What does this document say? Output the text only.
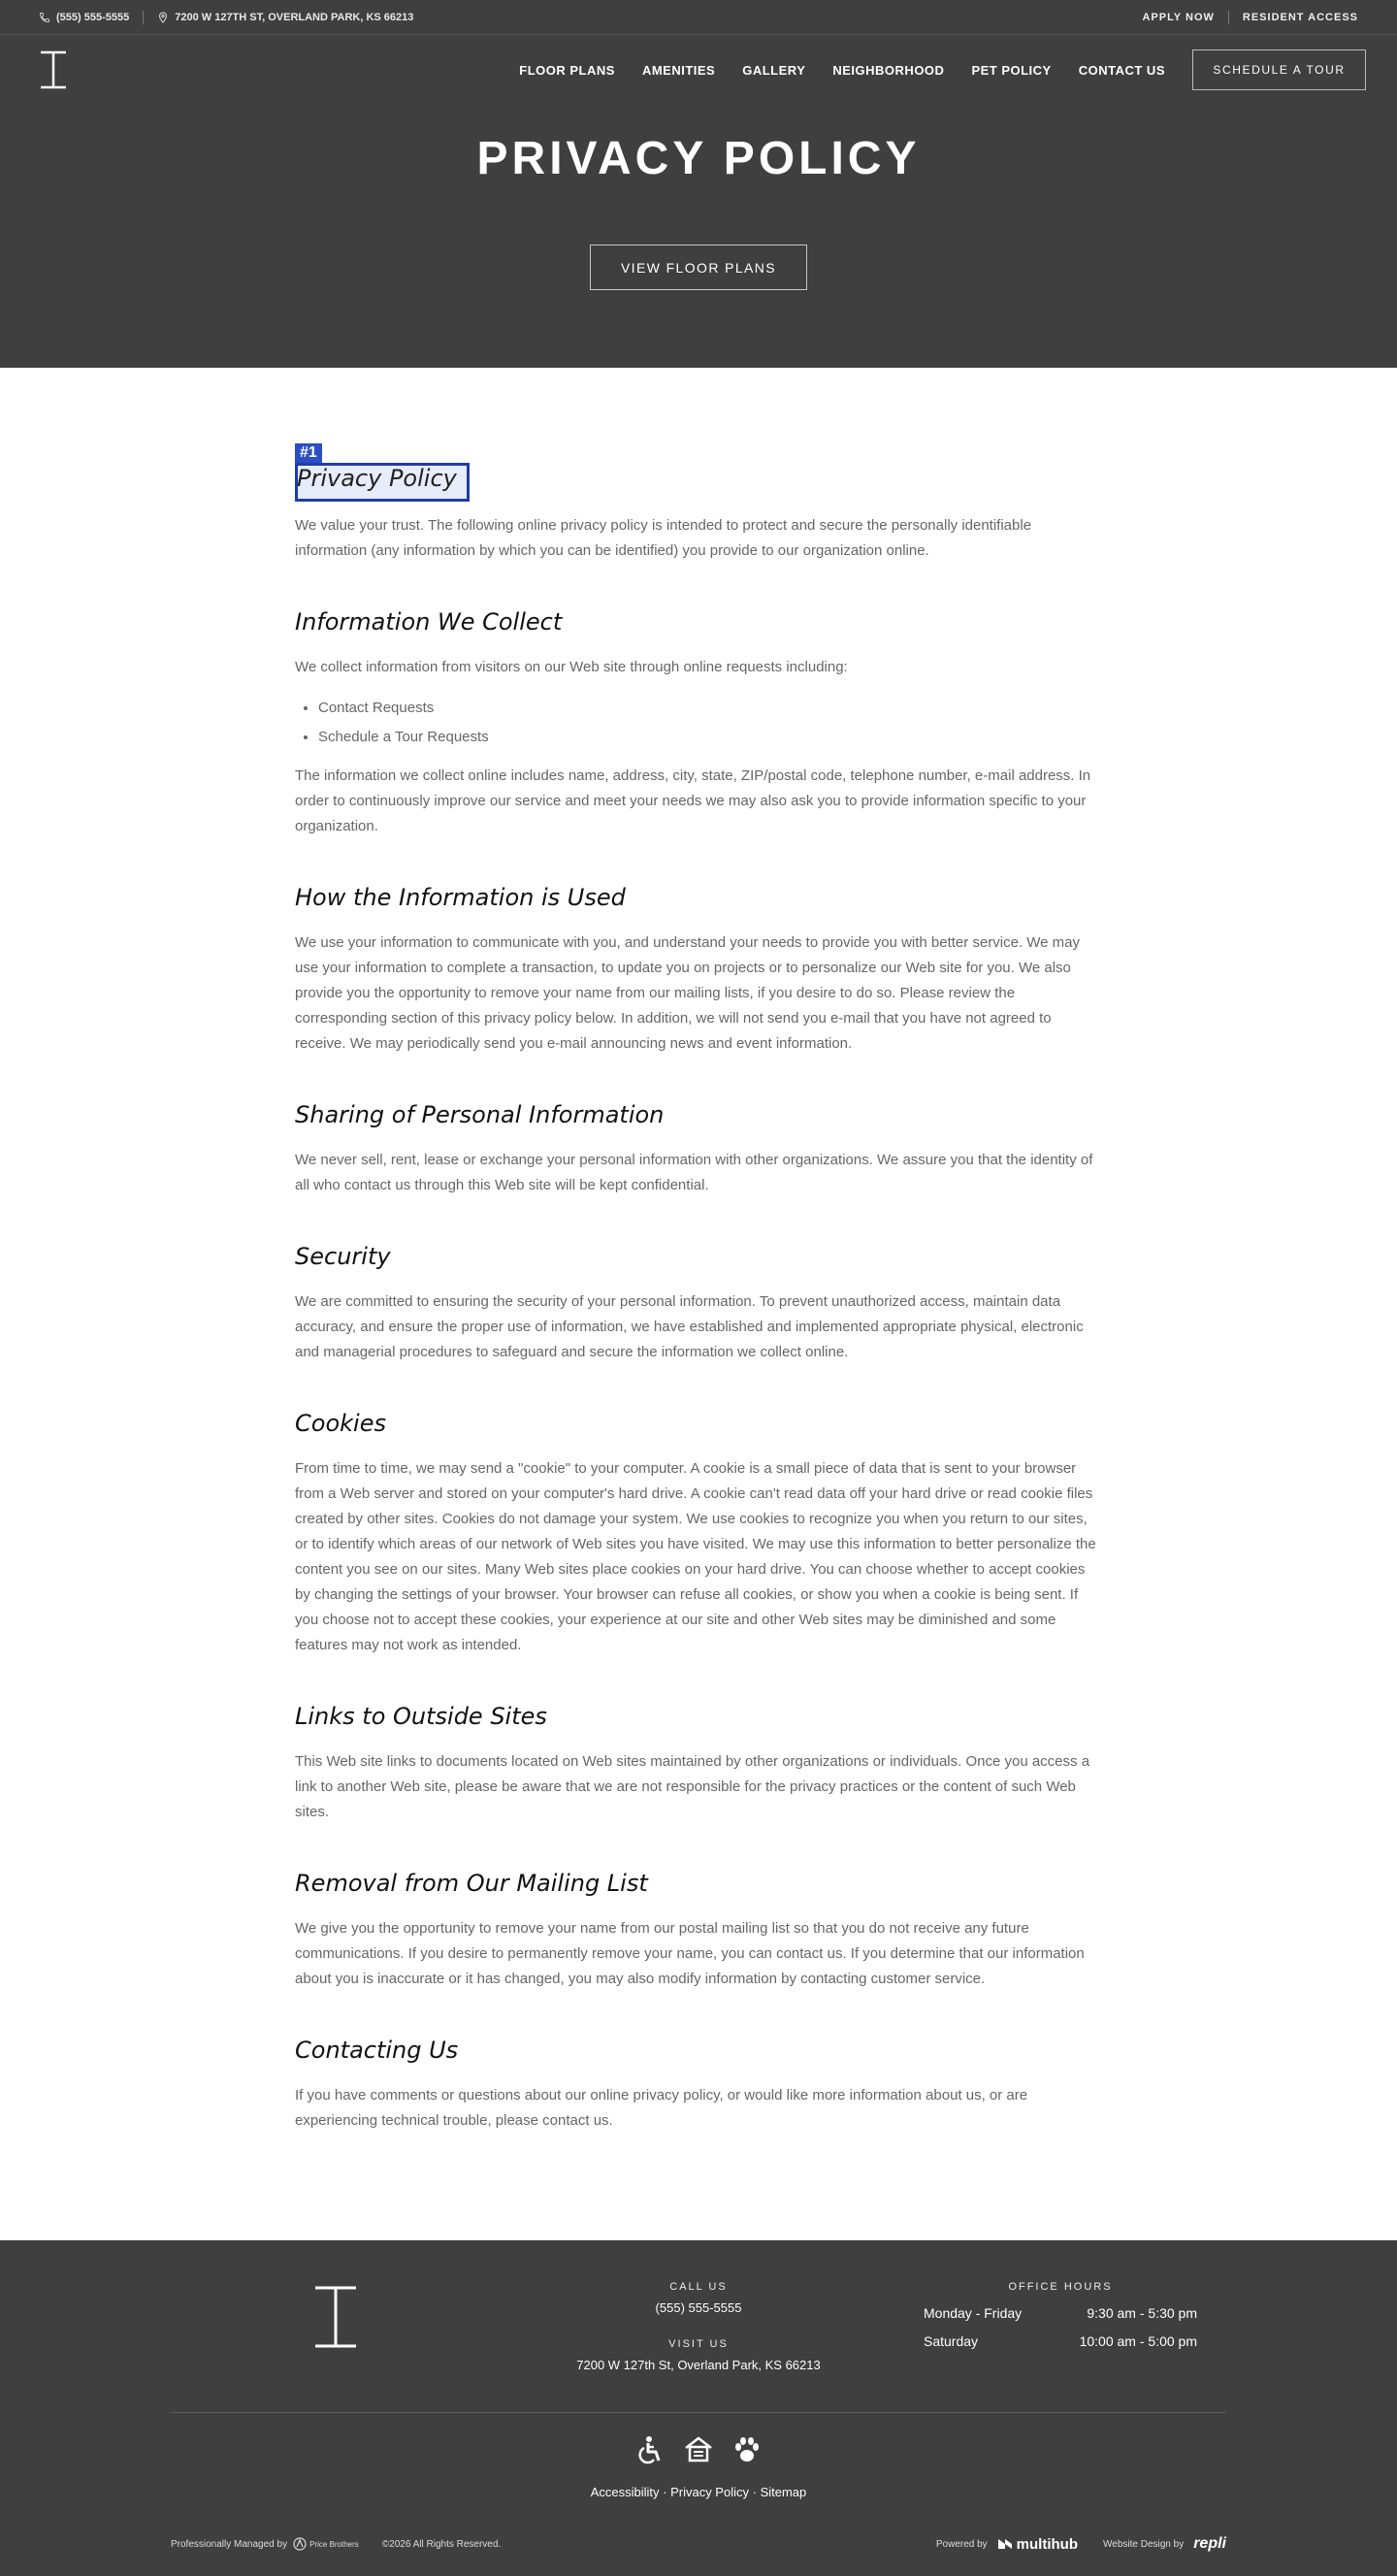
(555) 555-5555	7200 W 127TH ST, OVERLAND PARK, KS 66213	APPLY NOW	RESIDENT ACCESS
FLOOR PLANS AMENITIES GALLERY NEIGHBORHOOD PET POLICY CONTACT US	SCHEDULE A TOUR
PRIVACY POLICY
VIEW FLOOR PLANS
#1
Privacy Policy

We value your trust. The following online privacy policy is intended to protect and secure the personally identifiable information (any information by which you can be identified) you provide to our organization online.

Information We Collect

We collect information from visitors on our Web site through online requests including:

• Contact Requests
• Schedule a Tour Requests

The information we collect online includes name, address, city, state, ZIP/postal code, telephone number, e-mail address. In order to continuously improve our service and meet your needs we may also ask you to provide information specific to your organization.

How the Information is Used

We use your information to communicate with you, and understand your needs to provide you with better service. We may use your information to complete a transaction, to update you on projects or to personalize our Web site for you. We also provide you the opportunity to remove your name from our mailing lists, if you desire to do so. Please review the corresponding section of this privacy policy below. In addition, we will not send you e-mail that you have not agreed to receive. We may periodically send you e-mail announcing news and event information.

Sharing of Personal Information

We never sell, rent, lease or exchange your personal information with other organizations. We assure you that the identity of all who contact us through this Web site will be kept confidential.

Security

We are committed to ensuring the security of your personal information. To prevent unauthorized access, maintain data accuracy, and ensure the proper use of information, we have established and implemented appropriate physical, electronic and managerial procedures to safeguard and secure the information we collect online.

Cookies

From time to time, we may send a "cookie" to your computer. A cookie is a small piece of data that is sent to your browser from a Web server and stored on your computer's hard drive. A cookie can't read data off your hard drive or read cookie files created by other sites. Cookies do not damage your system. We use cookies to recognize you when you return to our sites, or to identify which areas of our network of Web sites you have visited. We may use this information to better personalize the content you see on our sites. Many Web sites place cookies on your hard drive. You can choose whether to accept cookies by changing the settings of your browser. Your browser can refuse all cookies, or show you when a cookie is being sent. If you choose not to accept these cookies, your experience at our site and other Web sites may be diminished and some features may not work as intended.

Links to Outside Sites

This Web site links to documents located on Web sites maintained by other organizations or individuals. Once you access a link to another Web site, please be aware that we are not responsible for the privacy practices or the content of such Web sites.

Removal from Our Mailing List

We give you the opportunity to remove your name from our postal mailing list so that you do not receive any future communications. If you desire to permanently remove your name, you can contact us. If you determine that our information about you is inaccurate or it has changed, you may also modify information by contacting customer service.

Contacting Us

If you have comments or questions about our online privacy policy, or would like more information about us, or are experiencing technical trouble, please contact us.

CALL US
(555) 555-5555
VISIT US
7200 W 127th St, Overland Park, KS 66213
OFFICE HOURS
Monday - Friday	9:30 am - 5:30 pm
Saturday	10:00 am - 5:00 pm
Accessibility · Privacy Policy · Sitemap
Professionally Managed by	Price Brothers ©2026 All Rights Reserved.	Powered by multihub	Website Design by repli
